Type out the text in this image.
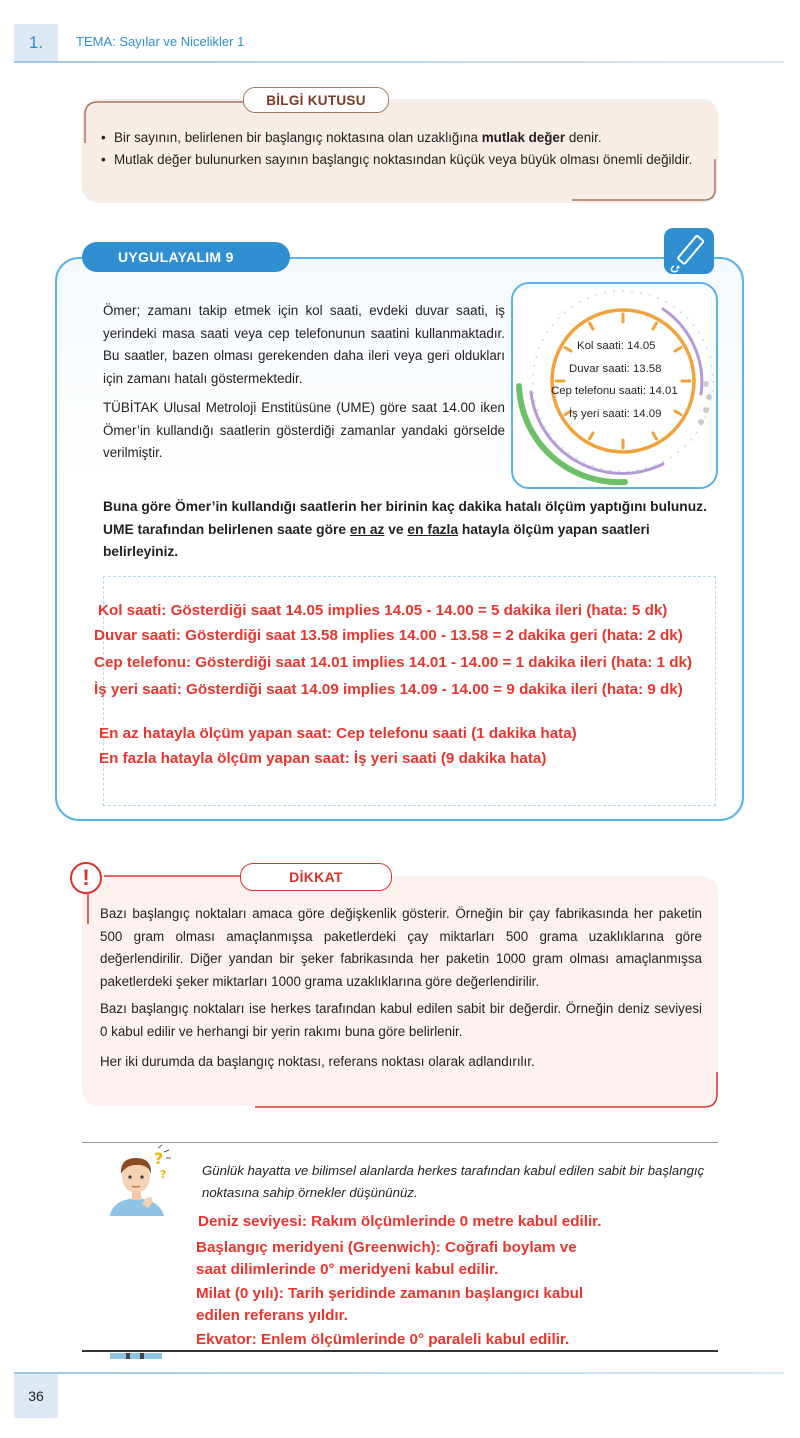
1.	TEMA: Sayılar ve Nicelikler 1
BİLGİ KUTUSU
• Bir sayının, belirlenen bir başlangıç noktasına olan uzaklığına mutlak değer denir.
• Mutlak değer bulunurken sayının başlangıç noktasından küçük veya büyük olması önemli değildir.
UYGULAYALIM 9

Ömer; zamanı takip etmek için kol saati, evdeki duvar saati, iş yerindeki masa saati veya cep telefonunun saatini kullanmaktadır. Bu saatler, bazen olması gerekenden daha ileri veya geri oldukları için zamanı hatalı göstermektedir.

TÜBİTAK Ulusal Metroloji Enstitüsüne (UME) göre saat 14.00 iken Ömer’in kullandığı saatlerin gösterdiği zamanlar yandaki görselde verilmiştir.

Kol saati: 14.05
Duvar saati: 13.58
Cep telefonu saati: 14.01
İş yeri saati: 14.09

Buna göre Ömer’in kullandığı saatlerin her birinin kaç dakika hatalı ölçüm yaptığını bulunuz. UME tarafından belirlenen saate göre en az ve en fazla hatayla ölçüm yapan saatleri belirleyiniz.

Kol saati: Gösterdiği saat 14.05 implies 14.05 - 14.00 = 5 dakika ileri (hata: 5 dk)
Duvar saati: Gösterdiği saat 13.58 implies 14.00 - 13.58 = 2 dakika geri (hata: 2 dk)
Cep telefonu: Gösterdiği saat 14.01 implies 14.01 - 14.00 = 1 dakika ileri (hata: 1 dk)
İş yeri saati: Gösterdiği saat 14.09 implies 14.09 - 14.00 = 9 dakika ileri (hata: 9 dk)
En az hatayla ölçüm yapan saat: Cep telefonu saati (1 dakika hata)
En fazla hatayla ölçüm yapan saat: İş yeri saati (9 dakika hata)
!	DİKKAT

Bazı başlangıç noktaları amaca göre değişkenlik gösterir. Örneğin bir çay fabrikasında her paketin 500 gram olması amaçlanmışsa paketlerdeki çay miktarları 500 grama uzaklıklarına göre değerlendirilir. Diğer yandan bir şeker fabrikasında her paketin 1000 gram olması amaçlanmışsa paketlerdeki şeker miktarları 1000 grama uzaklıklarına göre değerlendirilir.

Bazı başlangıç noktaları ise herkes tarafından kabul edilen sabit bir değerdir. Örneğin deniz seviyesi 0 kabul edilir ve herhangi bir yerin rakımı buna göre belirlenir.

Her iki durumda da başlangıç noktası, referans noktası olarak adlandırılır.

?
?	Günlük hayatta ve bilimsel alanlarda herkes tarafından kabul edilen sabit bir başlangıç noktasına sahip örnekler düşününüz.

Deniz seviyesi: Rakım ölçümlerinde 0 metre kabul edilir.
Başlangıç meridyeni (Greenwich): Coğrafi boylam ve
saat dilimlerinde 0° meridyeni kabul edilir.
Milat (0 yılı): Tarih şeridinde zamanın başlangıcı kabul
edilen referans yıldır.
Ekvator: Enlem ölçümlerinde 0° paraleli kabul edilir.
36
